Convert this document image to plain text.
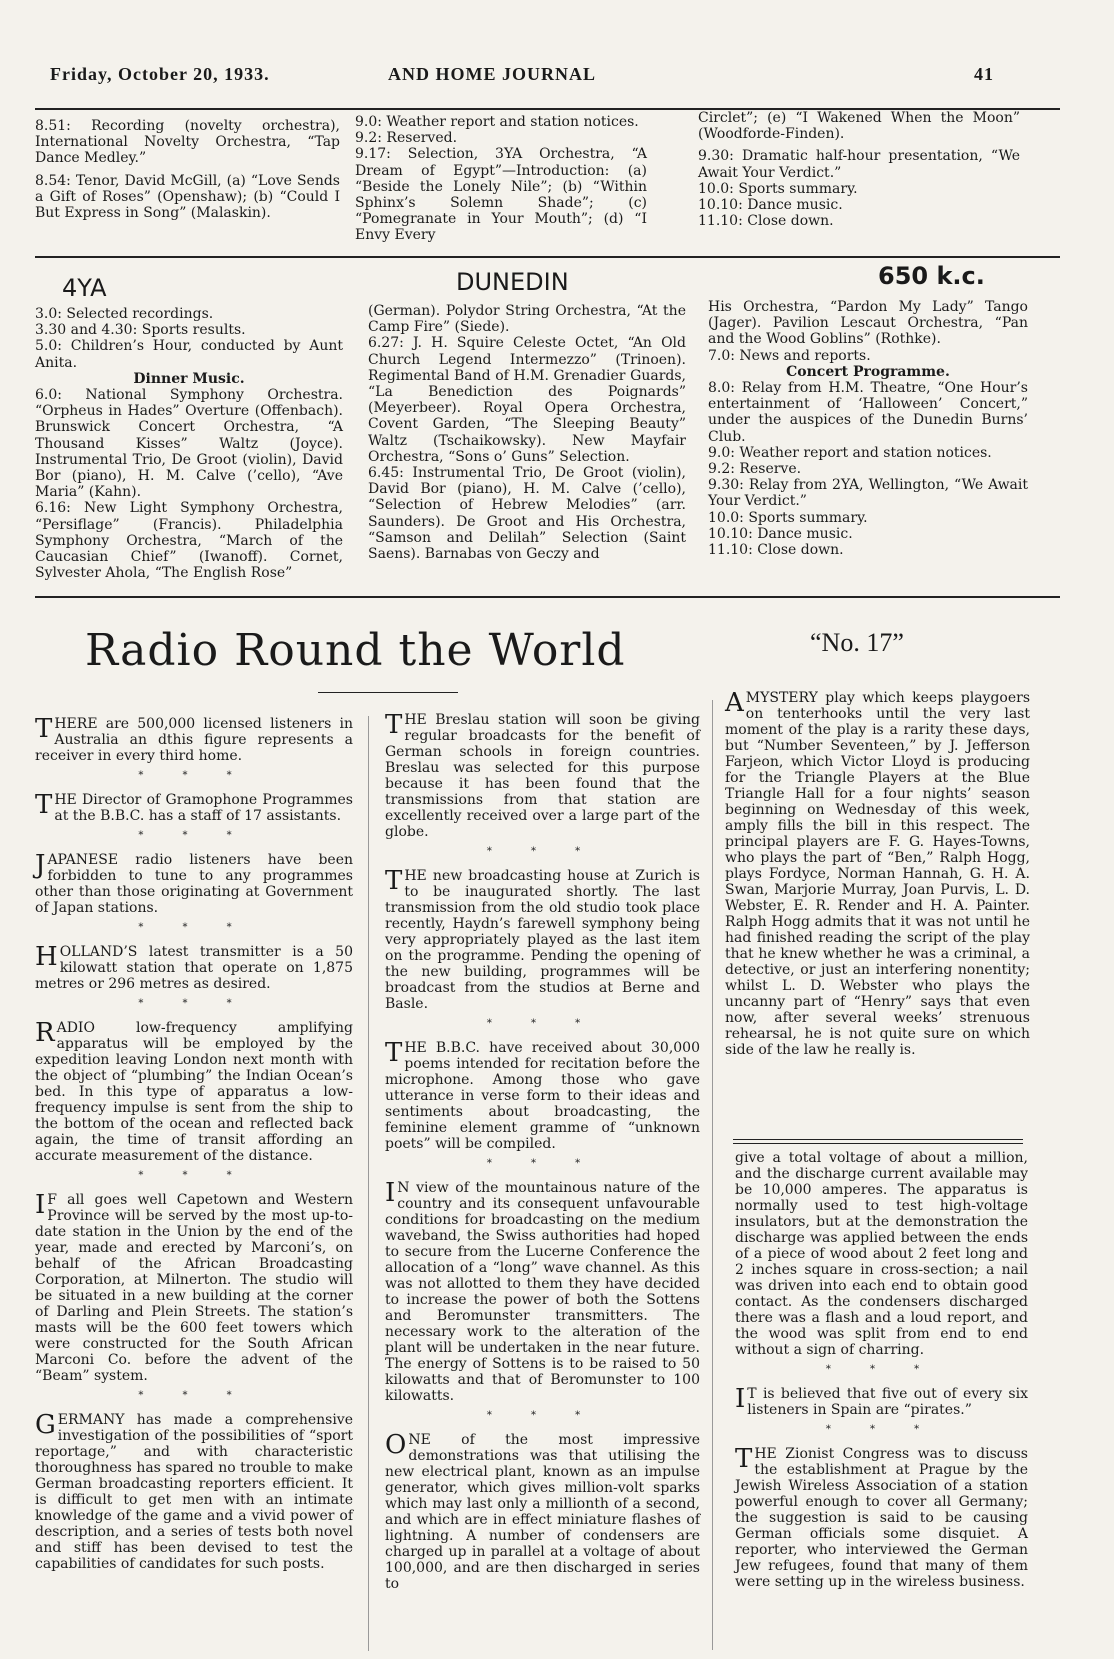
Friday, October 20, 1933.	AND HOME JOURNAL	41

8.51: Recording (novelty orchestra), International Novelty Orchestra, “Tap Dance Medley.”

8.54: Tenor, David McGill, (a) “Love Sends a Gift of Roses” (Openshaw); (b) “Could I But Express in Song” (Malaskin).

9.0: Weather report and station notices.

9.2: Reserved.

9.17: Selection, 3YA Orchestra, “A Dream of Egypt”—Introduction: (a) “Beside the Lonely Nile”; (b) “Within Sphinx’s Solemn Shade”; (c) “Pomegranate in Your Mouth”; (d) “I Envy Every

Circlet”; (e) “I Wakened When the Moon” (Woodforde-Finden).

9.30: Dramatic half-hour presentation, “We Await Your Verdict.”

10.0: Sports summary.

10.10: Dance music.

11.10: Close down.

4YA	DUNEDIN	650 k.c.

3.0: Selected recordings.

3.30 and 4.30: Sports results.

5.0: Children’s Hour, conducted by Aunt Anita.

Dinner Music.

6.0: National Symphony Orchestra. “Orpheus in Hades” Overture (Offenbach). Brunswick Concert Orchestra, “A Thousand Kisses” Waltz (Joyce). Instrumental Trio, De Groot (violin), David Bor (piano), H. M. Calve (’cello), “Ave Maria” (Kahn).

6.16: New Light Symphony Orchestra, “Persiflage” (Francis). Philadelphia Symphony Orchestra, “March of the Caucasian Chief” (Iwanoff). Cornet, Sylvester Ahola, “The English Rose”

(German). Polydor String Orchestra, “At the Camp Fire” (Siede).

6.27: J. H. Squire Celeste Octet, “An Old Church Legend Intermezzo” (Trinoen). Regimental Band of H.M. Grenadier Guards, “La Benediction des Poignards” (Meyerbeer). Royal Opera Orchestra, Covent Garden, “The Sleeping Beauty” Waltz (Tschaikowsky). New Mayfair Orchestra, “Sons o’ Guns” Selection.

6.45: Instrumental Trio, De Groot (violin), David Bor (piano), H. M. Calve (’cello), “Selection of Hebrew Melodies” (arr. Saunders). De Groot and His Orchestra, “Samson and Delilah” Selection (Saint Saens). Barnabas von Geczy and

His Orchestra, “Pardon My Lady” Tango (Jager). Pavilion Lescaut Orchestra, “Pan and the Wood Goblins” (Rothke).

7.0: News and reports.

Concert Programme.

8.0: Relay from H.M. Theatre, “One Hour’s entertainment of ‘Halloween’ Concert,” under the auspices of the Dunedin Burns’ Club.

9.0: Weather report and station notices.

9.2: Reserve.

9.30: Relay from 2YA, Wellington, “We Await Your Verdict.”

10.0: Sports summary.

10.10: Dance music.

11.10: Close down.

Radio Round the World	“No. 17”

THERE are 500,000 licensed listeners in Australia an dthis figure represents a receiver in every third home.

* * *

THE Director of Gramophone Programmes at the B.B.C. has a staff of 17 assistants.

* * *

JAPANESE radio listeners have been forbidden to tune to any programmes other than those originating at Government of Japan stations.

* * *

HOLLAND’S latest transmitter is a 50 kilowatt station that operate on 1,875 metres or 296 metres as desired.

* * *

RADIO low-frequency amplifying apparatus will be employed by the expedition leaving London next month with the object of “plumbing” the Indian Ocean’s bed. In this type of apparatus a low-frequency impulse is sent from the ship to the bottom of the ocean and reflected back again, the time of transit affording an accurate measurement of the distance.

* * *

I F all goes well Capetown and Western Province will be served by the most up-to-date station in the Union by the end of the year, made and erected by Marconi’s, on behalf of the African Broadcasting Corporation, at Milnerton. The studio will be situated in a new building at the corner of Darling and Plein Streets. The station’s masts will be the 600 feet towers which were constructed for the South African Marconi Co. before the advent of the “Beam” system.

* * *

GERMANY has made a comprehensive investigation of the possibilities of “sport reportage,” and with characteristic thoroughness has spared no trouble to make German broadcasting reporters efficient. It is difficult to get men with an intimate knowledge of the game and a vivid power of description, and a series of tests both novel and stiff has been devised to test the capabilities of candidates for such posts.

THE Breslau station will soon be giving regular broadcasts for the benefit of German schools in foreign countries. Breslau was selected for this purpose because it has been found that the transmissions from that station are excellently received over a large part of the globe.

* * *

THE new broadcasting house at Zurich is to be inaugurated shortly. The last transmission from the old studio took place recently, Haydn’s farewell symphony being very appropriately played as the last item on the programme. Pending the opening of the new building, programmes will be broadcast from the studios at Berne and Basle.

* * *

THE B.B.C. have received about 30,000 poems intended for recitation before the microphone. Among those who gave utterance in verse form to their ideas and sentiments about broadcasting, the feminine element gramme of “unknown poets” will be compiled.

* * *

I N view of the mountainous nature of the country and its consequent unfavourable conditions for broadcasting on the medium waveband, the Swiss authorities had hoped to secure from the Lucerne Conference the allocation of a “long” wave channel. As this was not allotted to them they have decided to increase the power of both the Sottens and Beromunster transmitters. The necessary work to the alteration of the plant will be undertaken in the near future. The energy of Sottens is to be raised to 50 kilowatts and that of Beromunster to 100 kilowatts.

* * *

ONE of the most impressive demonstrations was that utilising the new electrical plant, known as an impulse generator, which gives million-volt sparks which may last only a millionth of a second, and which are in effect miniature flashes of lightning. A number of condensers are charged up in parallel at a voltage of about 100,000, and are then discharged in series to

A MYSTERY play which keeps playgoers on tenterhooks until the very last moment of the play is a rarity these days, but “Number Seventeen,” by J. Jefferson Farjeon, which Victor Lloyd is producing for the Triangle Players at the Blue Triangle Hall for a four nights’ season beginning on Wednesday of this week, amply fills the bill in this respect. The principal players are F. G. Hayes-Towns, who plays the part of “Ben,” Ralph Hogg, plays Fordyce, Norman Hannah, G. H. A. Swan, Marjorie Murray, Joan Purvis, L. D. Webster, E. R. Render and H. A. Painter. Ralph Hogg admits that it was not until he had finished reading the script of the play that he knew whether he was a criminal, a detective, or just an interfering nonentity; whilst L. D. Webster who plays the uncanny part of “Henry” says that even now, after several weeks’ strenuous rehearsal, he is not quite sure on which side of the law he really is.

give a total voltage of about a million, and the discharge current available may be 10,000 amperes. The apparatus is normally used to test high-voltage insulators, but at the demonstration the discharge was applied between the ends of a piece of wood about 2 feet long and 2 inches square in cross-section; a nail was driven into each end to obtain good contact. As the condensers discharged there was a flash and a loud report, and the wood was split from end to end without a sign of charring.

* * *

I T is believed that five out of every six listeners in Spain are “pirates.”

* * *

THE Zionist Congress was to discuss the establishment at Prague by the Jewish Wireless Association of a station powerful enough to cover all Germany; the suggestion is said to be causing German officials some disquiet. A reporter, who interviewed the German Jew refugees, found that many of them were setting up in the wireless business.
